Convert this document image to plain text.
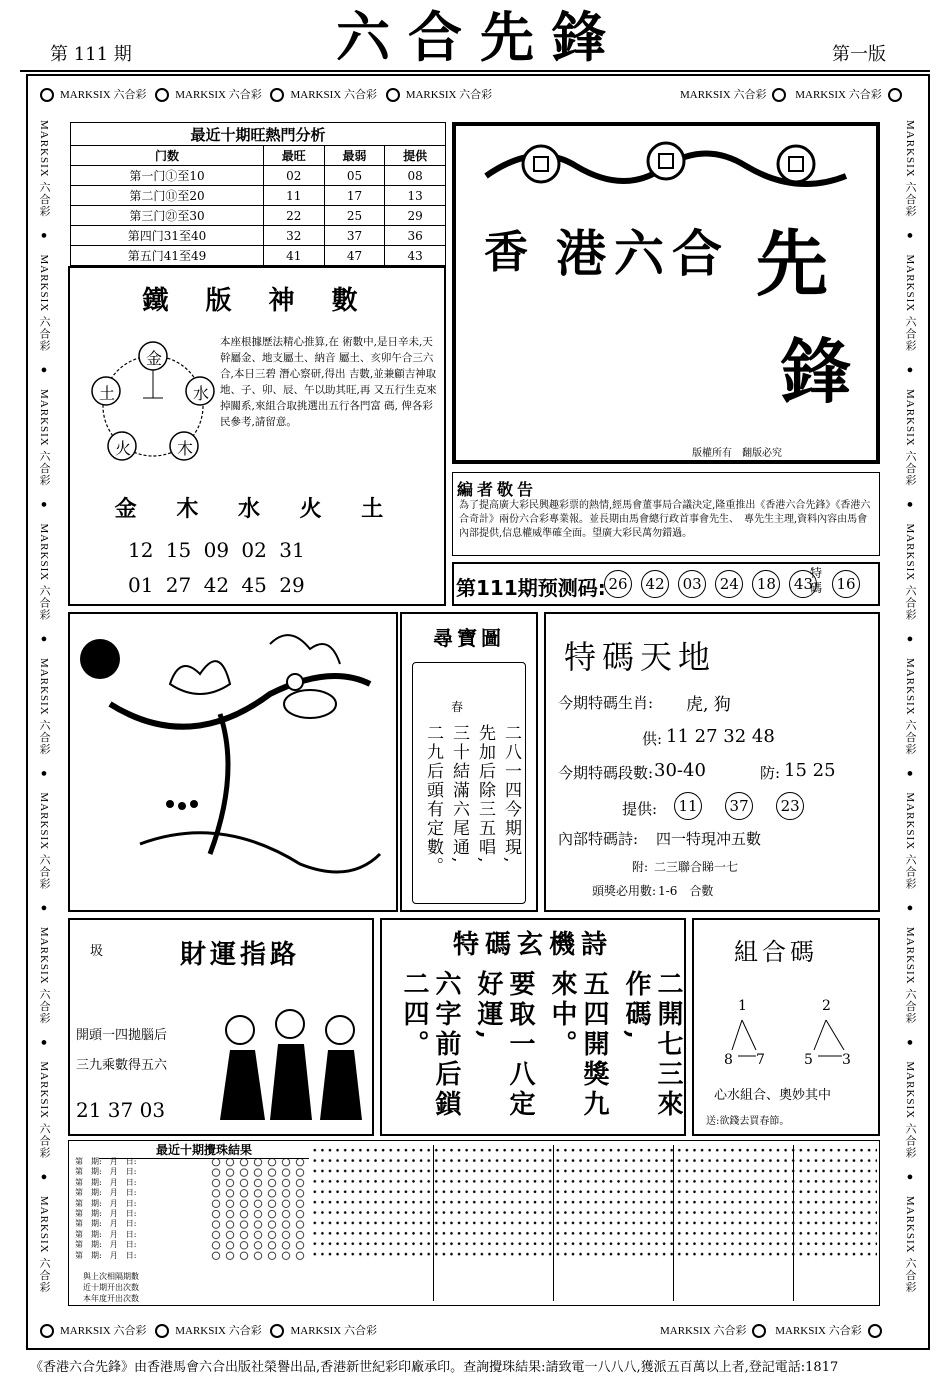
第 111 期	六合先鋒	第一版
MARKSIX 六合彩	MARKSIX 六合彩	MARKSIX 六合彩	MARKSIX 六合彩	MARKSIX 六合彩	MARKSIX 六合彩
MARKSIX 六合彩　●　MARKSIX 六合彩　●　MARKSIX 六合彩　●　MARKSIX 六合彩　●　MARKSIX 六合彩　●　MARKSIX 六合彩　●　MARKSIX 六合彩　●　MARKSIX 六合彩　●　MARKSIX 六合彩
MARKSIX 六合彩　●　MARKSIX 六合彩　●　MARKSIX 六合彩　●　MARKSIX 六合彩　●　MARKSIX 六合彩　●　MARKSIX 六合彩　●　MARKSIX 六合彩　●　MARKSIX 六合彩　●　MARKSIX 六合彩
最近十期旺熱門分析			
门数	最旺	最弱	提供
第一门①至10	02	05	08
第二门⑪至20	11	17	13
第三门㉑至30	22	25	29
第四门31至40	32	37	36
第五门41至49	41	47	43
鐵 版 神 數
金
水
木
火
土
本座根據歷法精心推算,在 術數中,是日辛未,天幹屬金、地支屬土、納音 屬土、亥卯午合三六合,本日三碧 潛心察研,得出 吉數,並兼顧吉神取地、子、卯、辰、午以助其旺,再 又五行生克來掉關系,來組合取挑選出五行各門富 碼, 俾各彩民參考,請留意。
金 木 水 火 土
12 15 09 02 31
01 27 42 45 29
香 港六合 先
鋒
版權所有　翻版必究
編者敬告
為了提高廣大彩民興趣彩票的熱情,經馬會董事局合議決定,隆重推出《香港六合先鋒》《香港六合奇計》兩份六合彩專業報。並長期由馬會總行政首事會先生、　專先生主理,資料內容由馬會內部提供,信息權威準確全面。望廣大彩民萬勿錯過。
第111期预测码: 26 42 03 24 18 43
特碼 16
尋寶圖
春
二八一四今期現,
先加后除三五唱,
三十結滿六尾通,
二九后頭有定數。
特碼天地
今期特碼生肖: 虎, 狗
供: 11 27 32 48
今期特碼段數: 30-40	防: 15 25
提供:	11 37 23
內部特碼詩: 四一特現冲五數
附: 二三聯合睇一七
頭獎必用數: 1-6　合數
圾	財運指路
開頭一四拋腦后
三九乘數得五六
21 37 03
特碼玄機詩
二開七三來作碼,
五四開獎九來中。
要取一八定好運,
六字前后鎖二四。
組合碼
1
8 7
2
5 3
心水組合、奧妙其中
送:欲錢去買春節。
最近十期攪珠結果
第　期:　月　日:
第　期:　月　日:
第　期:　月　日:
第　期:　月　日:
第　期:　月　日:
第　期:　月　日:
第　期:　月　日:
第　期:　月　日:
第　期:　月　日:
第　期:　月　日:
與上次相隔期數
近十期开出次数
本年度开出次数
MARKSIX 六合彩	MARKSIX 六合彩	MARKSIX 六合彩	MARKSIX 六合彩	MARKSIX 六合彩
《香港六合先鋒》由香港馬會六合出版社榮譽出品,香港新世紀彩印廠承印。查詢攪珠結果:請致電一八八八,獲派五百萬以上者,登記電話:1817
